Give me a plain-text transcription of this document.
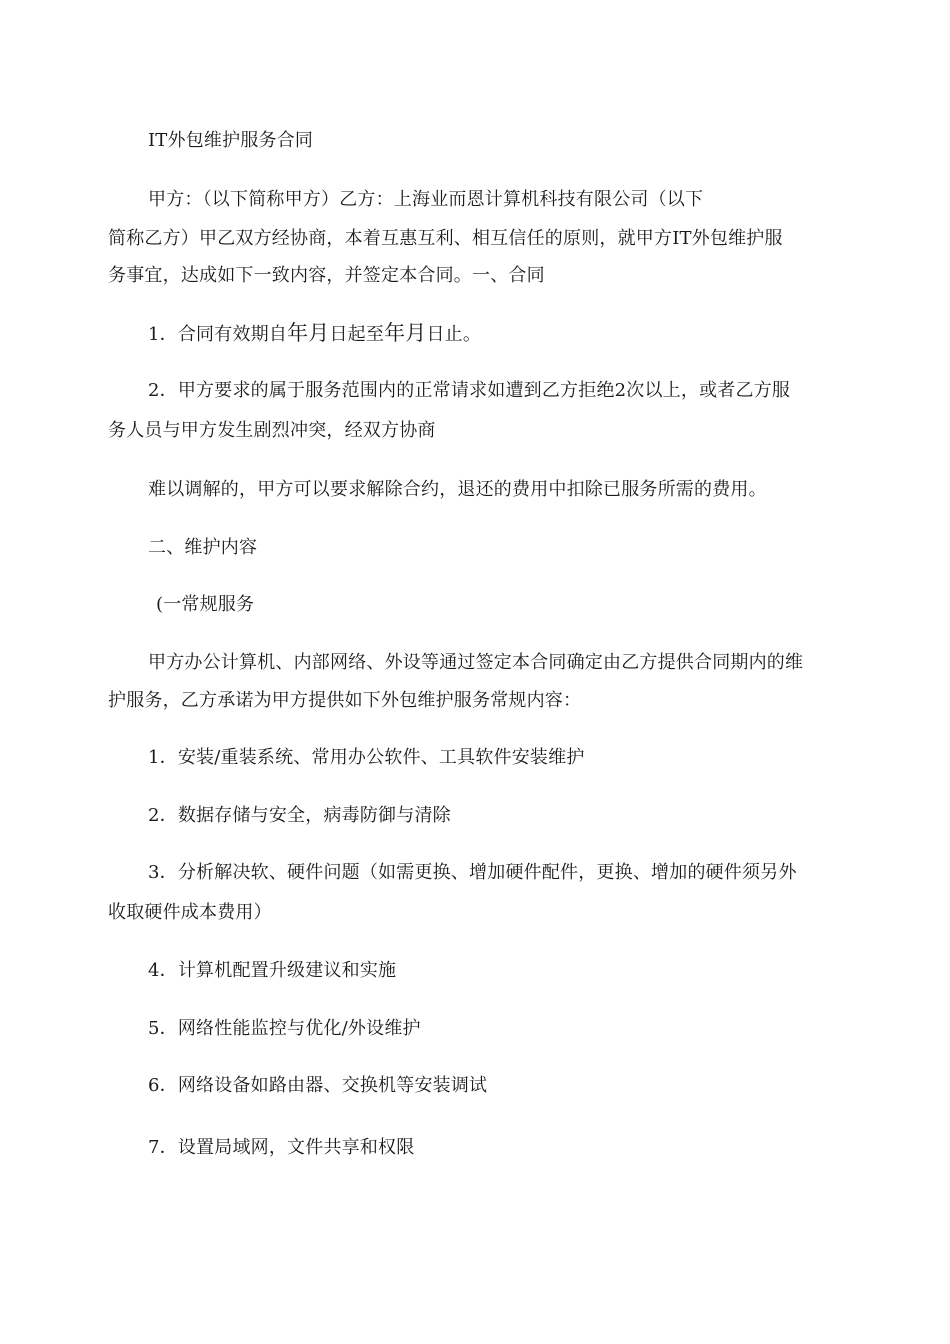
IT外包维护服务合同
甲方：（以下简称甲方）乙方：上海业而恩计算机科技有限公司（以下
简称乙方）甲乙双方经协商，本着互惠互利、相互信任的原则，就甲方IT外包维护服
务事宜，达成如下一致内容，并签定本合同。一、合同
1．合同有效期自年月日起至年月日止。
2．甲方要求的属于服务范围内的正常请求如遭到乙方拒绝2次以上，或者乙方服
务人员与甲方发生剧烈冲突，经双方协商
难以调解的，甲方可以要求解除合约，退还的费用中扣除已服务所需的费用。
二、维护内容
(一常规服务
甲方办公计算机、内部网络、外设等通过签定本合同确定由乙方提供合同期内的维
护服务，乙方承诺为甲方提供如下外包维护服务常规内容：
1．安装/重装系统、常用办公软件、工具软件安装维护
2．数据存储与安全，病毒防御与清除
3．分析解决软、硬件问题（如需更换、增加硬件配件，更换、增加的硬件须另外
收取硬件成本费用）
4．计算机配置升级建议和实施
5．网络性能监控与优化/外设维护
6．网络设备如路由器、交换机等安装调试
7．设置局域网，文件共享和权限
